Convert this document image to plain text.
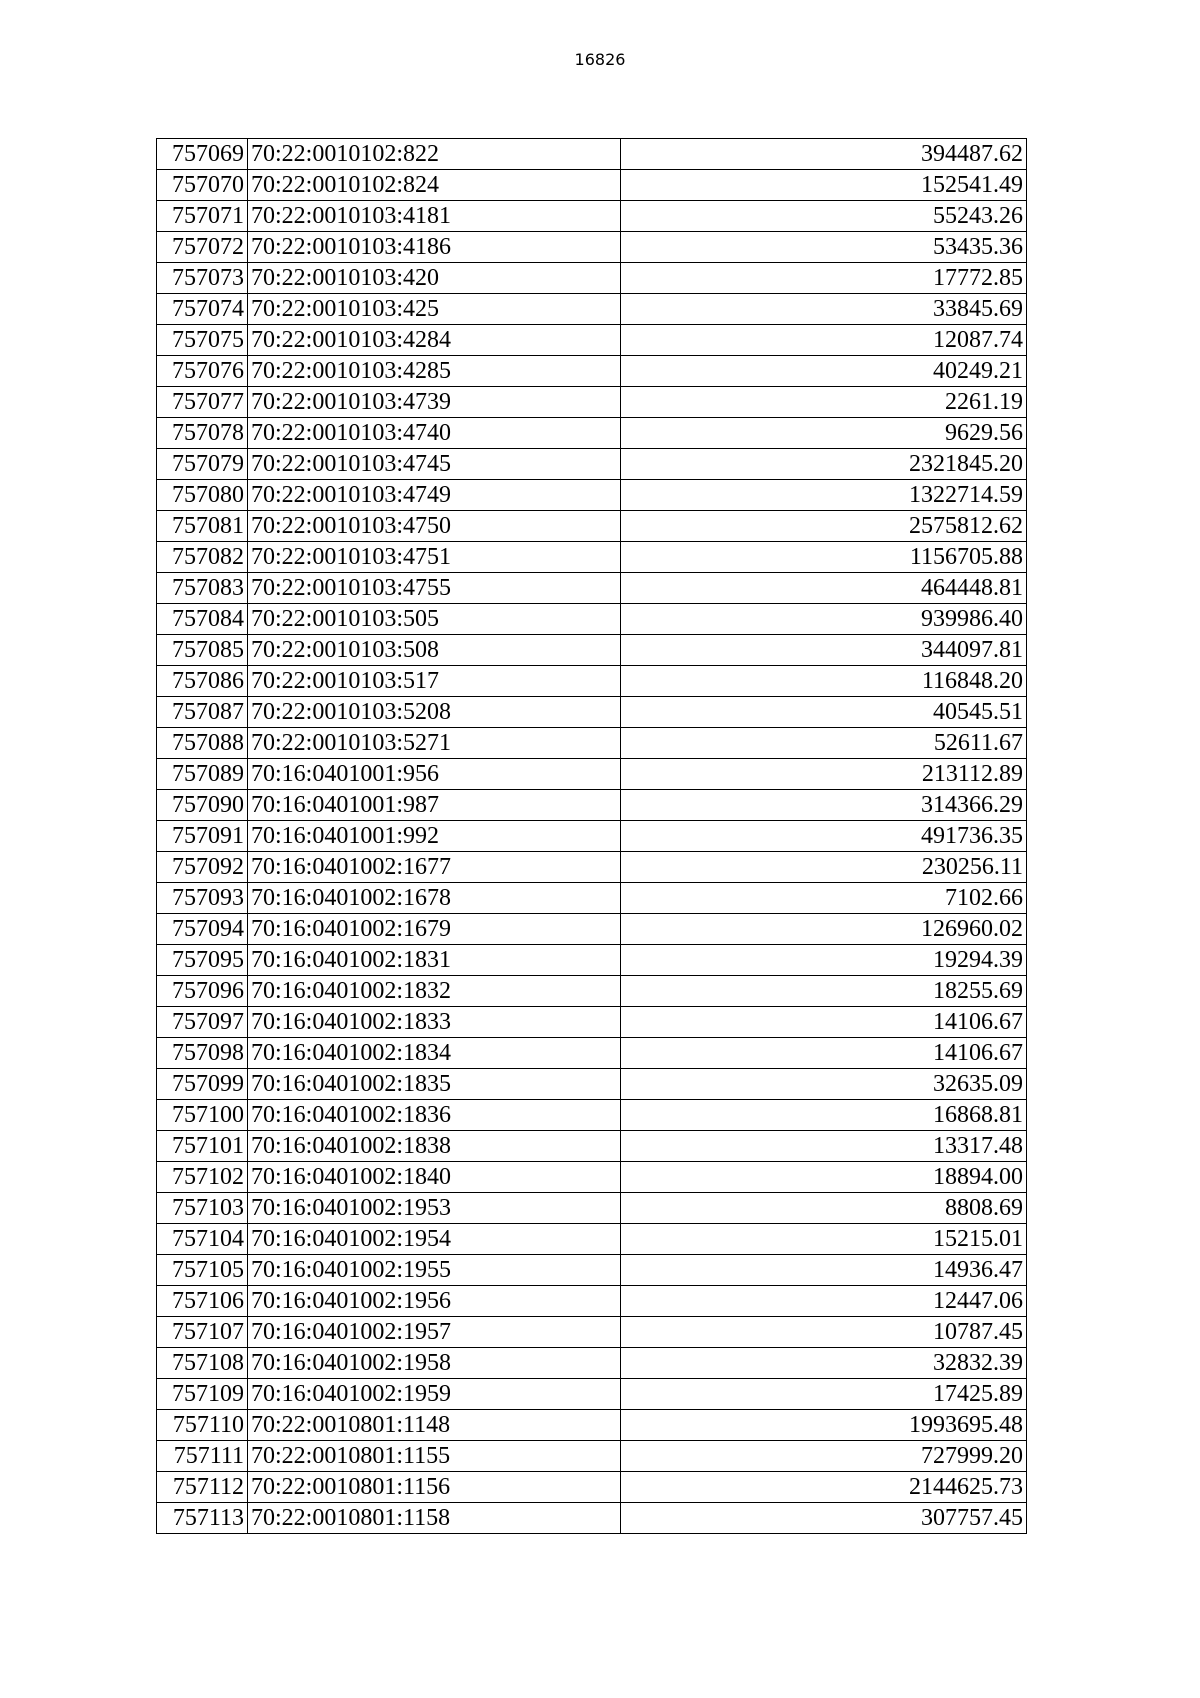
16826
757069	70:22:0010102:822	394487.62
757070	70:22:0010102:824	152541.49
757071	70:22:0010103:4181	55243.26
757072	70:22:0010103:4186	53435.36
757073	70:22:0010103:420	17772.85
757074	70:22:0010103:425	33845.69
757075	70:22:0010103:4284	12087.74
757076	70:22:0010103:4285	40249.21
757077	70:22:0010103:4739	2261.19
757078	70:22:0010103:4740	9629.56
757079	70:22:0010103:4745	2321845.20
757080	70:22:0010103:4749	1322714.59
757081	70:22:0010103:4750	2575812.62
757082	70:22:0010103:4751	1156705.88
757083	70:22:0010103:4755	464448.81
757084	70:22:0010103:505	939986.40
757085	70:22:0010103:508	344097.81
757086	70:22:0010103:517	116848.20
757087	70:22:0010103:5208	40545.51
757088	70:22:0010103:5271	52611.67
757089	70:16:0401001:956	213112.89
757090	70:16:0401001:987	314366.29
757091	70:16:0401001:992	491736.35
757092	70:16:0401002:1677	230256.11
757093	70:16:0401002:1678	7102.66
757094	70:16:0401002:1679	126960.02
757095	70:16:0401002:1831	19294.39
757096	70:16:0401002:1832	18255.69
757097	70:16:0401002:1833	14106.67
757098	70:16:0401002:1834	14106.67
757099	70:16:0401002:1835	32635.09
757100	70:16:0401002:1836	16868.81
757101	70:16:0401002:1838	13317.48
757102	70:16:0401002:1840	18894.00
757103	70:16:0401002:1953	8808.69
757104	70:16:0401002:1954	15215.01
757105	70:16:0401002:1955	14936.47
757106	70:16:0401002:1956	12447.06
757107	70:16:0401002:1957	10787.45
757108	70:16:0401002:1958	32832.39
757109	70:16:0401002:1959	17425.89
757110	70:22:0010801:1148	1993695.48
757111	70:22:0010801:1155	727999.20
757112	70:22:0010801:1156	2144625.73
757113	70:22:0010801:1158	307757.45
